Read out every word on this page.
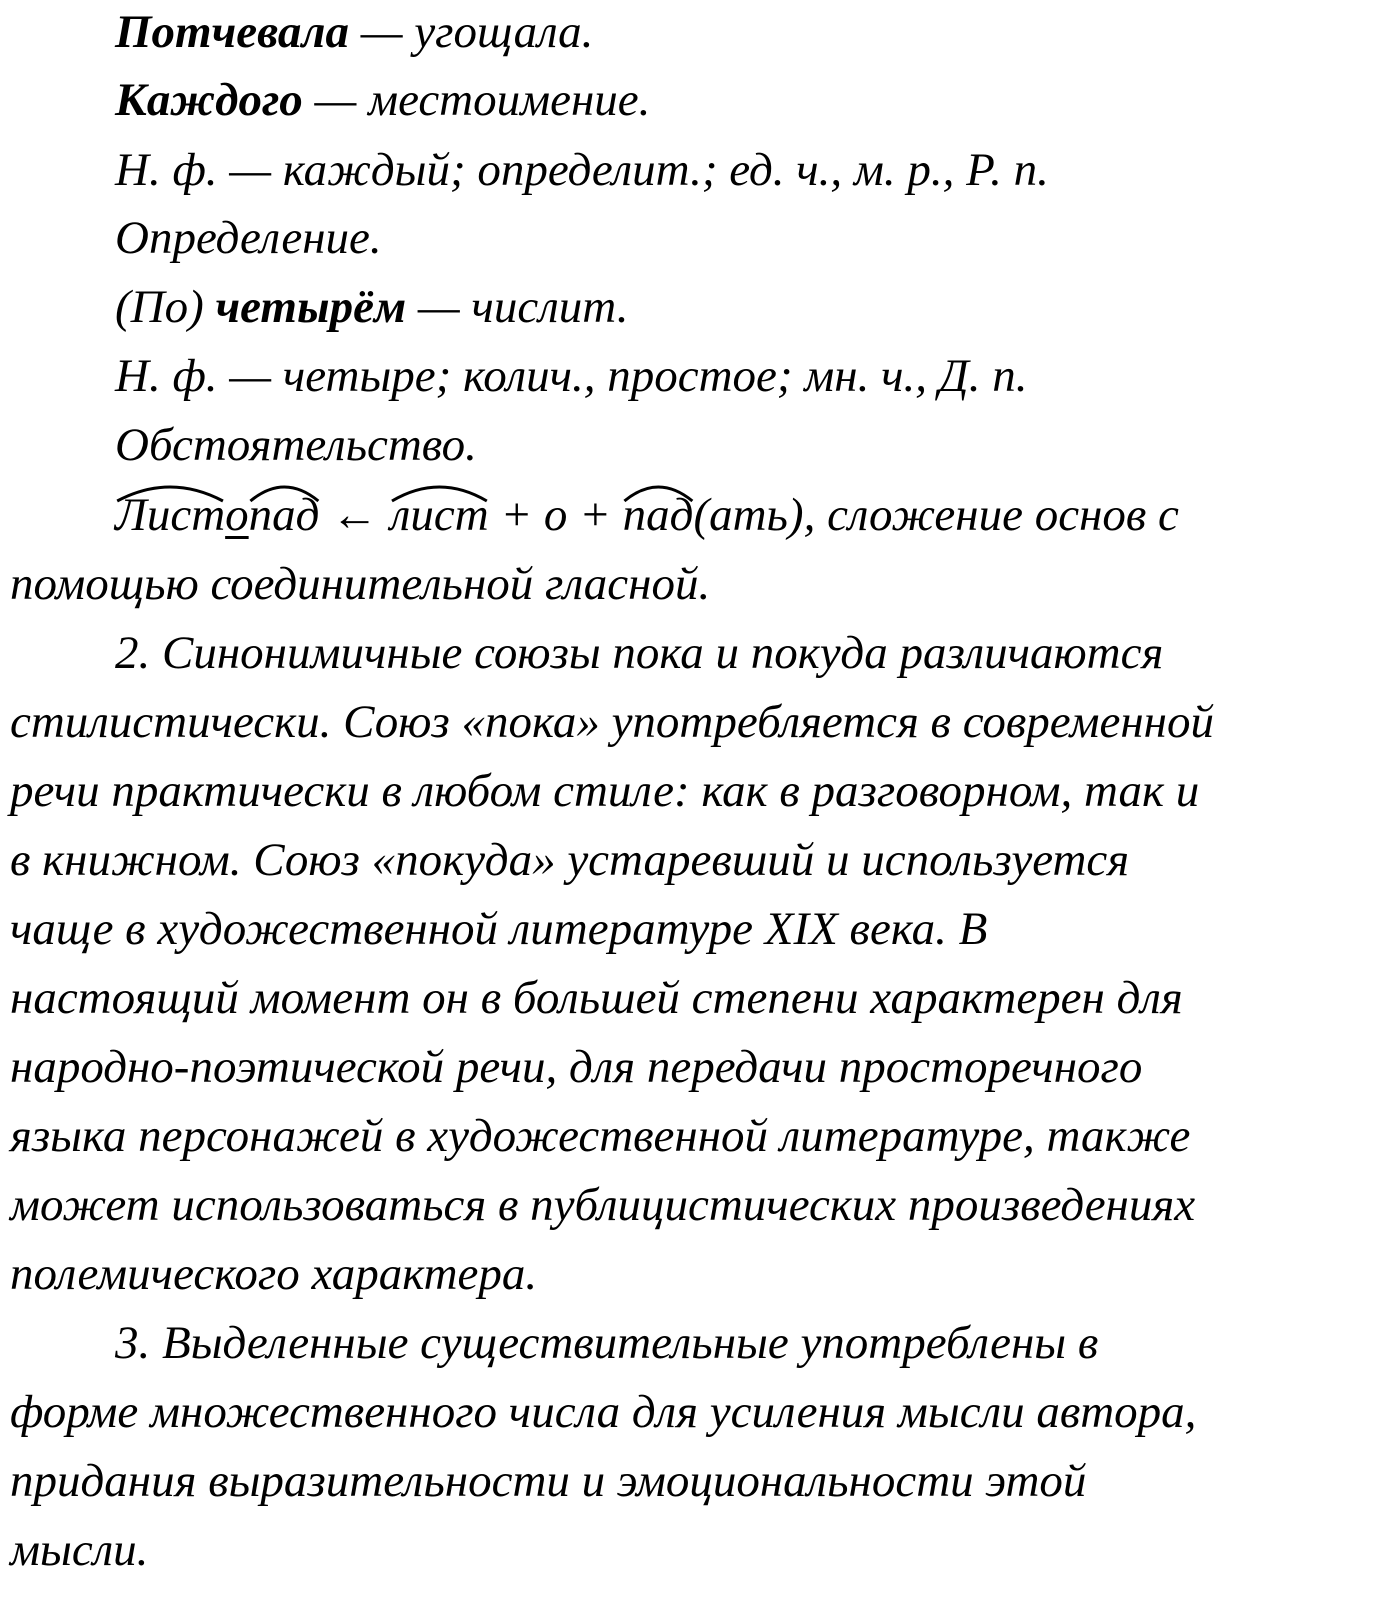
Потчевала — угощала.
Каждого — местоимение.
Н. ф. — каждый; определит.; ед. ч., м. р., Р. п.
Определение.
(По) четырём — числит.
Н. ф. — четыре; колич., простое; мн. ч., Д. п.
Обстоятельство.
Листо
пад ←
лист + о +
пад(ать), сложение основ с
помощью соединительной гласной.
2. Синонимичные союзы пока и покуда различаются
стилистически. Союз «пока» употребляется в современной
речи практически в любом стиле: как в разговорном, так и
в книжном. Союз «покуда» устаревший и используется
чаще в художественной литературе XIX века. В
настоящий момент он в большей степени характерен для
народно-поэтической речи, для передачи просторечного
языка персонажей в художественной литературе, также
может использоваться в публицистических произведениях
полемического характера.
3. Выделенные существительные употреблены в
форме множественного числа для усиления мысли автора,
придания выразительности и эмоциональности этой
мысли.
